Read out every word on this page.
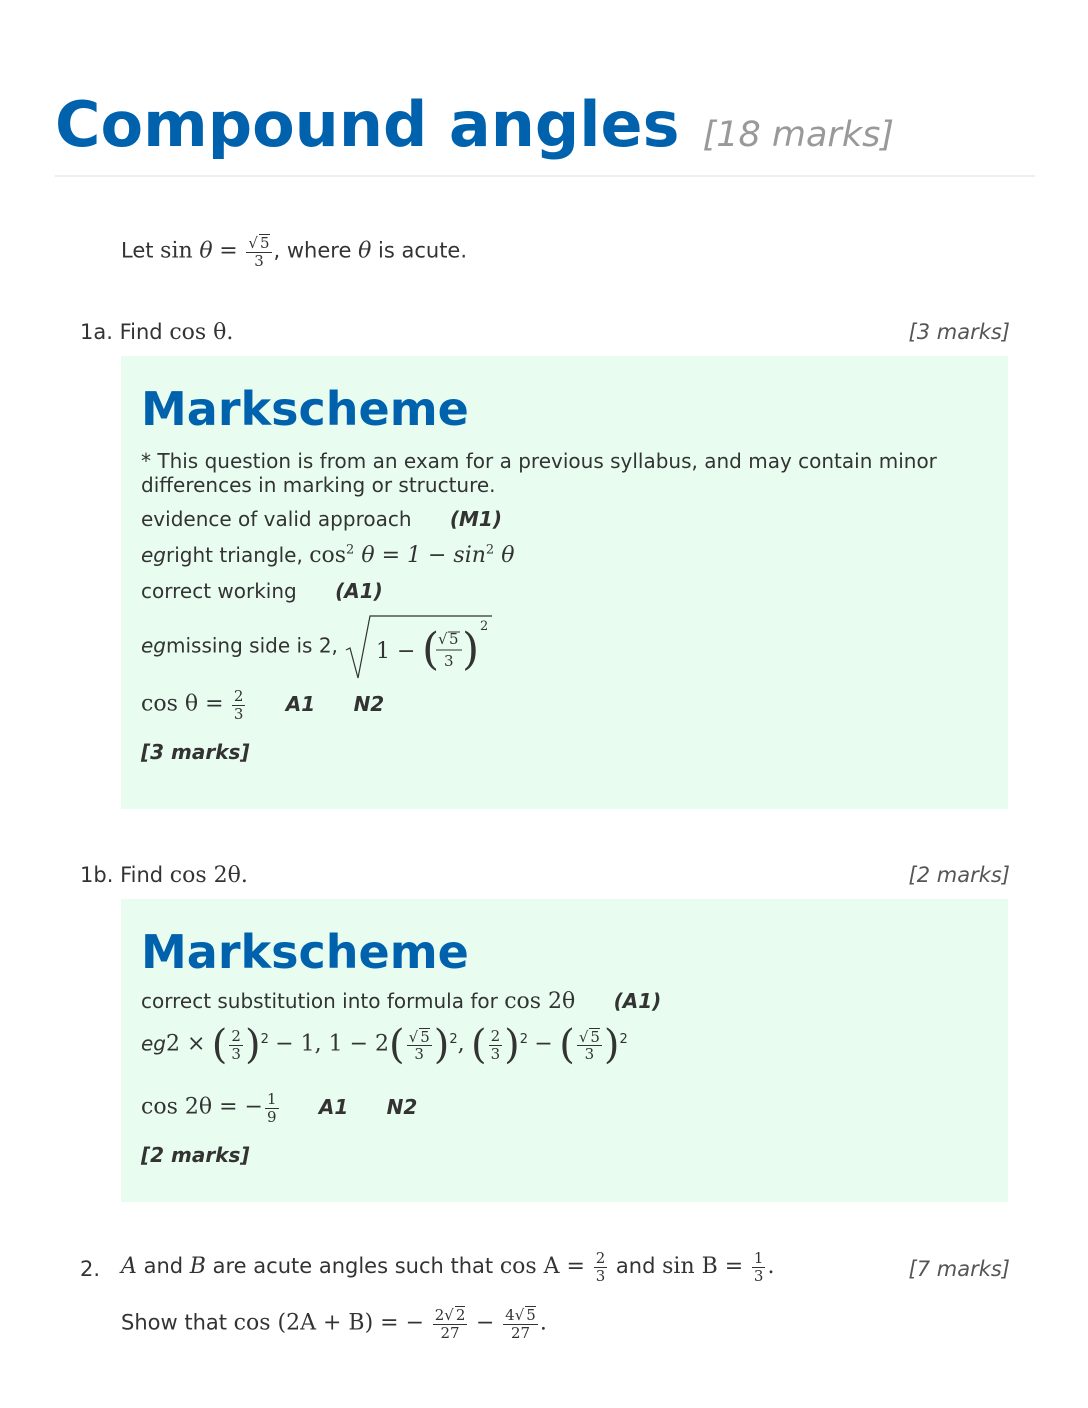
Compound angles [18 marks]
Let $\sin \theta = \frac{√ 5}{3}$ , where θ is acute.
1a. Find cos θ.	[3 marks]
Markscheme
* This question is from an exam for a previous syllabus, and may contain minor differences in marking or structure.
evidence of valid approach (M1)
egright triangle, $\cos^2 \theta = 1 - \sin^2 \theta$
correct working (A1)
egmissing side is 2, 1 − (
√ 5
3 ) 2
$\cos \theta = \frac{2}{3} A1$ N2
[3 marks]
1b. Find cos 2θ.	[2 marks]
Markscheme
correct substitution into formula for cos 2θ (A1)
eg2 × ( $\frac{2}{3} )^2 - 1$, $1 - 2( \frac{√ 5}{3} )^2$, ( $\frac{2}{3} )^2$ − ( $\frac{√ 5}{3} )^2$
cos 2θ = − $\frac{1}{9} A1$ N2
[2 marks]
2.	[7 marks]
A and B are acute angles such that $\cos A = \frac{2}{3}$ and $\sin B = \frac{1}{3}$ .
Show that cos (2A + B) = − $\frac{2√ 2}{27} - \frac{4√ 5}{27}$ .
